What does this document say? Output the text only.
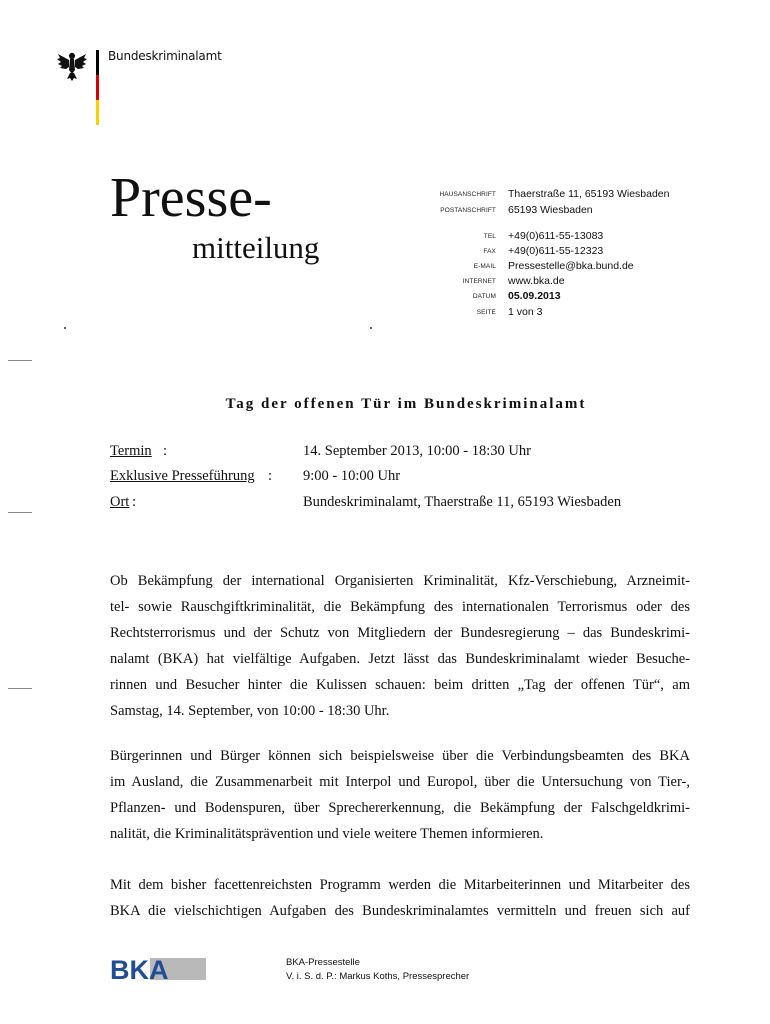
Bundeskriminalamt
Presse-
mitteilung
HAUSANSCHRIFT Thaerstraße 11, 65193 Wiesbaden
POSTANSCHRIFT 65193 Wiesbaden
TEL +49(0)611-55-13083
FAX +49(0)611-55-12323
E-MAIL Pressestelle@bka.bund.de
INTERNET www.bka.de
DATUM 05.09.2013
SEITE 1 von 3
Tag der offenen Tür im Bundeskriminalamt
Termin :	14. September 2013, 10:00 - 18:30 Uhr
Exklusive Presseführung : 9:00 - 10:00 Uhr
Ort :	Bundeskriminalamt, Thaerstraße 11, 65193 Wiesbaden
Ob Bekämpfung der international Organisierten Kriminalität, Kfz-Verschiebung, Arzneimit-
tel- sowie Rauschgiftkriminalität, die Bekämpfung des internationalen Terrorismus oder des
Rechtsterrorismus und der Schutz von Mitgliedern der Bundesregierung – das Bundeskrimi-
nalamt (BKA) hat vielfältige Aufgaben. Jetzt lässt das Bundeskriminalamt wieder Besuche-
rinnen und Besucher hinter die Kulissen schauen: beim dritten „Tag der offenen Tür“, am
Samstag, 14. September, von 10:00 - 18:30 Uhr.
Bürgerinnen und Bürger können sich beispielsweise über die Verbindungsbeamten des BKA
im Ausland, die Zusammenarbeit mit Interpol und Europol, über die Untersuchung von Tier-,
Pflanzen- und Bodenspuren, über Sprechererkennung, die Bekämpfung der Falschgeldkrimi-
nalität, die Kriminalitätsprävention und viele weitere Themen informieren.
Mit dem bisher facettenreichsten Programm werden die Mitarbeiterinnen und Mitarbeiter des
BKA die vielschichtigen Aufgaben des Bundeskriminalamtes vermitteln und freuen sich auf
BKA	BKA-Pressestelle
V. i. S. d. P.: Markus Koths, Pressesprecher
